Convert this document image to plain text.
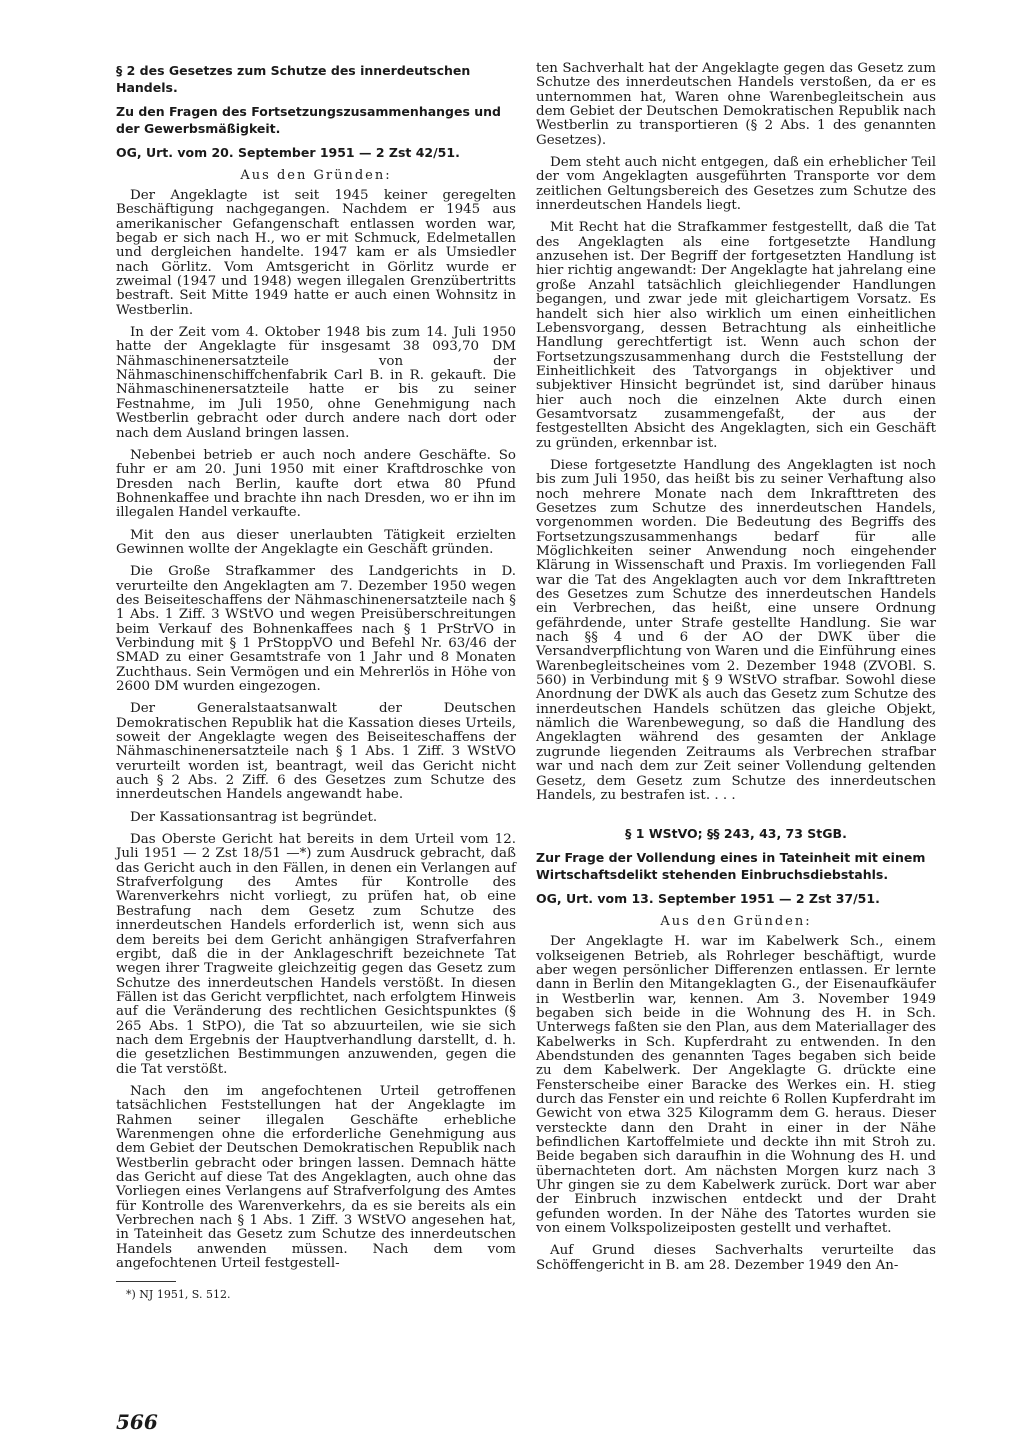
§ 2 des Gesetzes zum Schutze des innerdeutschen Handels.
Zu den Fragen des Fortsetzungszusammenhanges und der Gewerbsmäßigkeit.
OG, Urt. vom 20. September 1951 — 2 Zst 42/51.
Aus den Gründen:

Der Angeklagte ist seit 1945 keiner geregelten Beschäftigung nachgegangen. Nachdem er 1945 aus amerikanischer Gefangenschaft entlassen worden war, begab er sich nach H., wo er mit Schmuck, Edelmetallen und dergleichen handelte. 1947 kam er als Umsiedler nach Görlitz. Vom Amtsgericht in Görlitz wurde er zweimal (1947 und 1948) wegen illegalen Grenzübertritts bestraft. Seit Mitte 1949 hatte er auch einen Wohnsitz in Westberlin.

In der Zeit vom 4. Oktober 1948 bis zum 14. Juli 1950 hatte der Angeklagte für insgesamt 38 093,70 DM Nähmaschinenersatzteile von der Nähmaschinenschiffchenfabrik Carl B. in R. gekauft. Die Nähmaschinenersatzteile hatte er bis zu seiner Festnahme, im Juli 1950, ohne Genehmigung nach Westberlin gebracht oder durch andere nach dort oder nach dem Ausland bringen lassen.

Nebenbei betrieb er auch noch andere Geschäfte. So fuhr er am 20. Juni 1950 mit einer Kraftdroschke von Dresden nach Berlin, kaufte dort etwa 80 Pfund Bohnenkaffee und brachte ihn nach Dresden, wo er ihn im illegalen Handel verkaufte.

Mit den aus dieser unerlaubten Tätigkeit erzielten Gewinnen wollte der Angeklagte ein Geschäft gründen.

Die Große Strafkammer des Landgerichts in D. verurteilte den Angeklagten am 7. Dezember 1950 wegen des Beiseiteschaffens der Nähmaschinenersatzteile nach § 1 Abs. 1 Ziff. 3 WStVO und wegen Preisüberschreitungen beim Verkauf des Bohnenkaffees nach § 1 PrStrVO in Verbindung mit § 1 PrStoppVO und Befehl Nr. 63/46 der SMAD zu einer Gesamtstrafe von 1 Jahr und 8 Monaten Zuchthaus. Sein Vermögen und ein Mehrerlös in Höhe von 2600 DM wurden eingezogen.

Der Generalstaatsanwalt der Deutschen Demokratischen Republik hat die Kassation dieses Urteils, soweit der Angeklagte wegen des Beiseiteschaffens der Nähmaschinenersatzteile nach § 1 Abs. 1 Ziff. 3 WStVO verurteilt worden ist, beantragt, weil das Gericht nicht auch § 2 Abs. 2 Ziff. 6 des Gesetzes zum Schutze des innerdeutschen Handels angewandt habe.

Der Kassationsantrag ist begründet.

Das Oberste Gericht hat bereits in dem Urteil vom 12. Juli 1951 — 2 Zst 18/51 —*) zum Ausdruck gebracht, daß das Gericht auch in den Fällen, in denen ein Verlangen auf Strafverfolgung des Amtes für Kontrolle des Warenverkehrs nicht vorliegt, zu prüfen hat, ob eine Bestrafung nach dem Gesetz zum Schutze des innerdeutschen Handels erforderlich ist, wenn sich aus dem bereits bei dem Gericht anhängigen Strafverfahren ergibt, daß die in der Anklageschrift bezeichnete Tat wegen ihrer Tragweite gleichzeitig gegen das Gesetz zum Schutze des innerdeutschen Handels verstößt. In diesen Fällen ist das Gericht verpflichtet, nach erfolgtem Hinweis auf die Veränderung des rechtlichen Gesichtspunktes (§ 265 Abs. 1 StPO), die Tat so abzuurteilen, wie sie sich nach dem Ergebnis der Hauptverhandlung darstellt, d. h. die gesetzlichen Bestimmungen anzuwenden, gegen die die Tat verstößt.

Nach den im angefochtenen Urteil getroffenen tatsächlichen Feststellungen hat der Angeklagte im Rahmen seiner illegalen Geschäfte erhebliche Warenmengen ohne die erforderliche Genehmigung aus dem Gebiet der Deutschen Demokratischen Republik nach Westberlin gebracht oder bringen lassen. Demnach hätte das Gericht auf diese Tat des Angeklagten, auch ohne das Vorliegen eines Verlangens auf Strafverfolgung des Amtes für Kontrolle des Warenverkehrs, da es sie bereits als ein Verbrechen nach § 1 Abs. 1 Ziff. 3 WStVO angesehen hat, in Tateinheit das Gesetz zum Schutze des innerdeutschen Handels anwenden müssen. Nach dem vom angefochtenen Urteil festgestell-

*) NJ 1951, S. 512.

ten Sachverhalt hat der Angeklagte gegen das Gesetz zum Schutze des innerdeutschen Handels verstoßen, da er es unternommen hat, Waren ohne Warenbegleitschein aus dem Gebiet der Deutschen Demokratischen Republik nach Westberlin zu transportieren (§ 2 Abs. 1 des genannten Gesetzes).

Dem steht auch nicht entgegen, daß ein erheblicher Teil der vom Angeklagten ausgeführten Transporte vor dem zeitlichen Geltungsbereich des Gesetzes zum Schutze des innerdeutschen Handels liegt.

Mit Recht hat die Strafkammer festgestellt, daß die Tat des Angeklagten als eine fortgesetzte Handlung anzusehen ist. Der Begriff der fortgesetzten Handlung ist hier richtig angewandt: Der Angeklagte hat jahrelang eine große Anzahl tatsächlich gleichliegender Handlungen begangen, und zwar jede mit gleichartigem Vorsatz. Es handelt sich hier also wirklich um einen einheitlichen Lebensvorgang, dessen Betrachtung als einheitliche Handlung gerechtfertigt ist. Wenn auch schon der Fortsetzungszusammenhang durch die Feststellung der Einheitlichkeit des Tatvorgangs in objektiver und subjektiver Hinsicht begründet ist, sind darüber hinaus hier auch noch die einzelnen Akte durch einen Gesamtvorsatz zusammengefaßt, der aus der festgestellten Absicht des Angeklagten, sich ein Geschäft zu gründen, erkennbar ist.

Diese fortgesetzte Handlung des Angeklagten ist noch bis zum Juli 1950, das heißt bis zu seiner Verhaftung also noch mehrere Monate nach dem Inkrafttreten des Gesetzes zum Schutze des innerdeutschen Handels, vorgenommen worden. Die Bedeutung des Begriffs des Fortsetzungszusammenhangs bedarf für alle Möglichkeiten seiner Anwendung noch eingehender Klärung in Wissenschaft und Praxis. Im vorliegenden Fall war die Tat des Angeklagten auch vor dem Inkrafttreten des Gesetzes zum Schutze des innerdeutschen Handels ein Verbrechen, das heißt, eine unsere Ordnung gefährdende, unter Strafe gestellte Handlung. Sie war nach §§ 4 und 6 der AO der DWK über die Versandverpflichtung von Waren und die Einführung eines Warenbegleitscheines vom 2. Dezember 1948 (ZVOBl. S. 560) in Verbindung mit § 9 WStVO strafbar. Sowohl diese Anordnung der DWK als auch das Gesetz zum Schutze des innerdeutschen Handels schützen das gleiche Objekt, nämlich die Warenbewegung, so daß die Handlung des Angeklagten während des gesamten der Anklage zugrunde liegenden Zeitraums als Verbrechen strafbar war und nach dem zur Zeit seiner Vollendung geltenden Gesetz, dem Gesetz zum Schutze des innerdeutschen Handels, zu bestrafen ist. . . .

§ 1 WStVO; §§ 243, 43, 73 StGB.
Zur Frage der Vollendung eines in Tateinheit mit einem Wirtschaftsdelikt stehenden Einbruchsdiebstahls.
OG, Urt. vom 13. September 1951 — 2 Zst 37/51.
Aus den Gründen:

Der Angeklagte H. war im Kabelwerk Sch., einem volkseigenen Betrieb, als Rohrleger beschäftigt, wurde aber wegen persönlicher Differenzen entlassen. Er lernte dann in Berlin den Mitangeklagten G., der Eisenaufkäufer in Westberlin war, kennen. Am 3. November 1949 begaben sich beide in die Wohnung des H. in Sch. Unterwegs faßten sie den Plan, aus dem Materiallager des Kabelwerks in Sch. Kupferdraht zu entwenden. In den Abendstunden des genannten Tages begaben sich beide zu dem Kabelwerk. Der Angeklagte G. drückte eine Fensterscheibe einer Baracke des Werkes ein. H. stieg durch das Fenster ein und reichte 6 Rollen Kupferdraht im Gewicht von etwa 325 Kilogramm dem G. heraus. Dieser versteckte dann den Draht in einer in der Nähe befindlichen Kartoffelmiete und deckte ihn mit Stroh zu. Beide begaben sich daraufhin in die Wohnung des H. und übernachteten dort. Am nächsten Morgen kurz nach 3 Uhr gingen sie zu dem Kabelwerk zurück. Dort war aber der Einbruch inzwischen entdeckt und der Draht gefunden worden. In der Nähe des Tatortes wurden sie von einem Volkspolizeiposten gestellt und verhaftet.

Auf Grund dieses Sachverhalts verurteilte das Schöffengericht in B. am 28. Dezember 1949 den An-

566
